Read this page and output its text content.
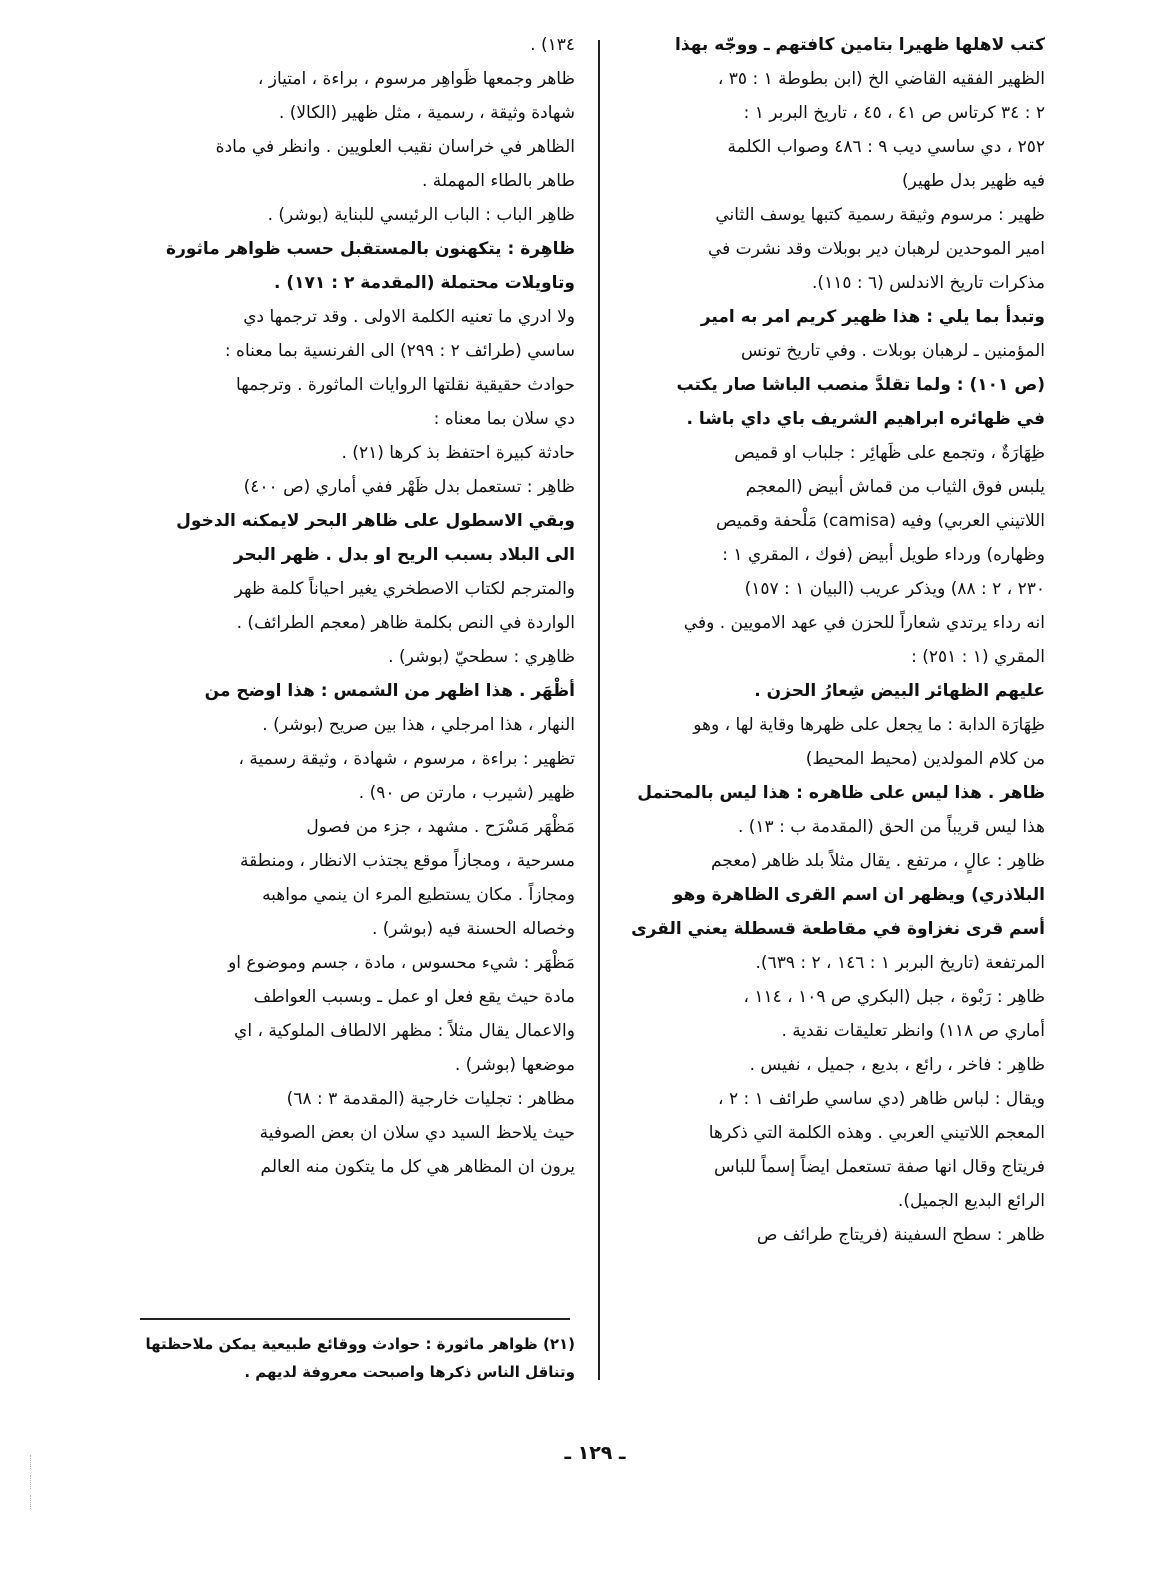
كتب لاهلها ظهيرا بتامين كافتهم ـ ووجّه بهذا
الظهير الفقيه القاضي الخ (ابن بطوطة ١ : ٣٥ ،
٢ : ٣٤ كرتاس ص ٤١ ، ٤٥ ، تاريخ البربر ١ :
٢٥٢ ، دي ساسي ديب ٩ : ٤٨٦ وصواب الكلمة
فيه ظهير بدل طهير)
ظهير : مرسوم وثيقة رسمية كتبها يوسف الثاني
امير الموحدين لرهبان دير بوبلات وقد نشرت في
مذكرات تاريخ الاندلس (٦ : ١١٥).
وتبدأ بما يلي : هذا ظهير كريم امر به امير
المؤمنين ـ لرهبان بوبلات . وفي تاريخ تونس
(ص ١٠١) : ولما تقلدَّ منصب الباشا صار يكتب
في ظهائره ابراهيم الشريف باي داي باشا .
ظِهَارَةٌ ، وتجمع على ظَهائِر : جلباب او قميص
يلبس فوق الثياب من قماش أبيض (المعجم
اللاتيني العربي) وفيه (camisa) مَلْحفة وقميص
وظهاره) ورداء طويل أبيض (فوك ، المقري ١ :
٢٣٠ ، ٢ : ٨٨) ويذكر عريب (البيان ١ : ١٥٧)
انه رداء يرتدي شعاراً للحزن في عهد الامويين . وفي
المقري (١ : ٢٥١) :
عليهم الظهائر البيض شِعارُ الحزن .
ظِهَارَة الدابة : ما يجعل على ظهرها وقاية لها ، وهو
من كلام المولدين (محيط المحيط)
ظاهر . هذا ليس على ظاهره : هذا ليس بالمحتمل
هذا ليس قريباً من الحق (المقدمة ب : ١٣) .
ظاهِر : عالٍ ، مرتفع . يقال مثلاً بلد ظاهر (معجم
البلاذري) ويظهر ان اسم القرى الظاهرة وهو
أسم قرى نغزاوة في مقاطعة قسطلة يعني القرى
المرتفعة (تاريخ البربر ١ : ١٤٦ ، ٢ : ٦٣٩).
ظاهِر : رَبْوة ، جبل (البكري ص ١٠٩ ، ١١٤ ،
أماري ص ١١٨) وانظر تعليقات نقدية .
ظاهِر : فاخر ، رائع ، بديع ، جميل ، نفيس .
ويقال : لباس ظاهر (دي ساسي طرائف ١ : ٢ ،
المعجم اللاتيني العربي . وهذه الكلمة التي ذكرها
فريتاج وقال انها صفة تستعمل ايضاً إسماً للباس
الرائع البديع الجميل).
ظاهر : سطح السفينة (فريتاج طرائف ص
١٣٤) .
ظاهر وجمعها ظَواهِر مرسوم ، براءة ، امتياز ،
شهادة وثيقة ، رسمية ، مثل ظهير (الكالا) .
الظاهر في خراسان نقيب العلويين . وانظر في مادة
طاهر بالطاء المهملة .
ظاهِر الباب : الباب الرئيسي للبناية (بوشر) .
ظاهِرة : يتكهنون بالمستقبل حسب ظواهر ماثورة
وتاويلات محتملة (المقدمة ٢ : ١٧١) .
ولا ادري ما تعنيه الكلمة الاولى . وقد ترجمها دي
ساسي (طرائف ٢ : ٢٩٩) الى الفرنسية بما معناه :
حوادث حقيقية نقلتها الروايات الماثورة . وترجمها
دي سلان بما معناه :
حادثة كبيرة احتفظ بذ كرها (٢١) .
ظاهِر : تستعمل بدل ظَهْر ففي أماري (ص ٤٠٠)
وبقي الاسطول على ظاهر البحر لايمكنه الدخول
الى البلاد بسبب الريح او بدل . ظهر البحر
والمترجم لكتاب الاصطخري يغير احياناً كلمة ظهر
الواردة في النص بكلمة ظاهر (معجم الطرائف) .
ظاهِري : سطحيّ (بوشر) .
أظْهَر . هذا اظهر من الشمس : هذا اوضح من
النهار ، هذا امرجلي ، هذا بين صريح (بوشر) .
تظهير : براءة ، مرسوم ، شهادة ، وثيقة رسمية ،
ظهير (شيرب ، مارتن ص ٩٠) .
مَظْهَر مَسْرَح . مشهد ، جزء من فصول
مسرحية ، ومجازاً موقع يجتذب الانظار ، ومنطقة
ومجازاً . مكان يستطيع المرء ان ينمي مواهبه
وخصاله الحسنة فيه (بوشر) .
مَظْهَر : شيء محسوس ، مادة ، جسم وموضوع او
مادة حيث يقع فعل او عمل ـ وبسبب العواطف
والاعمال يقال مثلاً : مظهر الالطاف الملوكية ، اي
موضعها (بوشر) .
مظاهر : تجليات خارجية (المقدمة ٣ : ٦٨)
حيث يلاحظ السيد دي سلان ان بعض الصوفية
يرون ان المظاهر هي كل ما يتكون منه العالم
(٢١) ظواهر ماثورة : حوادث ووقائع طبيعية يمكن ملاحظتها
وتناقل الناس ذكرها واصبحت معروفة لديهم .
ـ ١٢٩ ـ
